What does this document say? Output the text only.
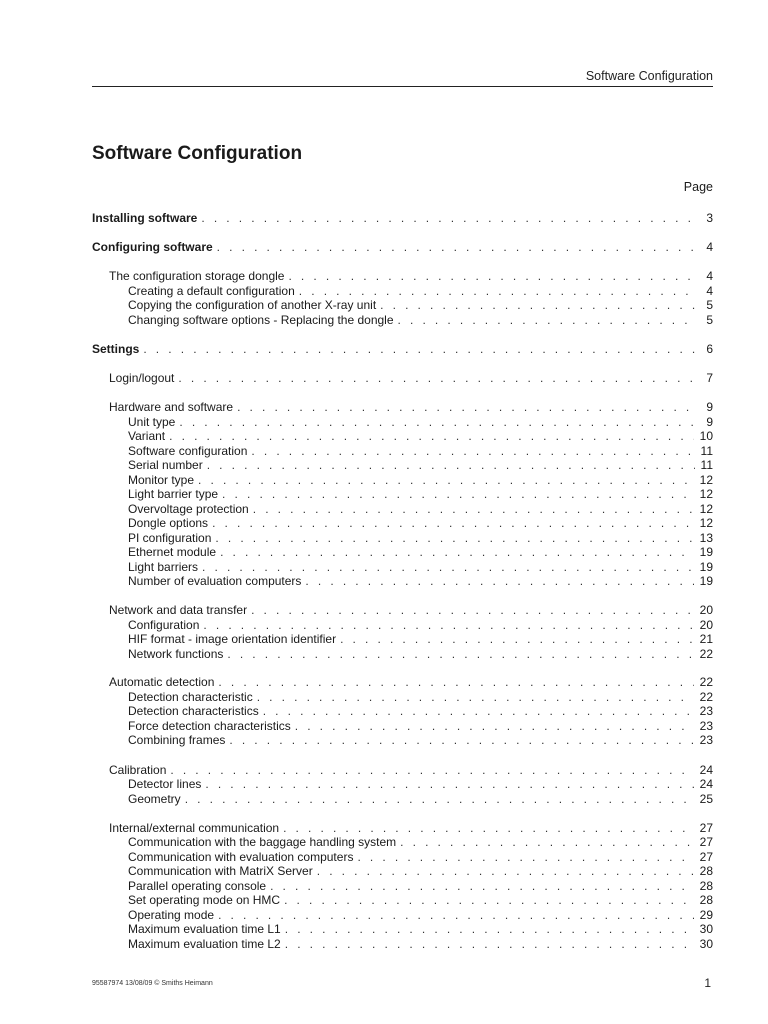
Software Configuration
Software Configuration
Page
Installing software . . .	3
Configuring software . . .	4
The configuration storage dongle . . .	4
Creating a default configuration . . .	4
Copying the configuration of another X-ray unit . . .	5
Changing software options - Replacing the dongle . . .	5
Settings . . .	6
Login/logout . . .	7
Hardware and software . . .	9
Unit type . . .	9
Variant . . .	10
Software configuration . . .	11
Serial number . . .	11
Monitor type . . .	12
Light barrier type . . .	12
Overvoltage protection . . .	12
Dongle options . . .	12
PI configuration . . .	13
Ethernet module . . .	19
Light barriers . . .	19
Number of evaluation computers . . .	19
Network and data transfer . . .	20
Configuration . . .	20
HIF format - image orientation identifier . . .	21
Network functions . . .	22
Automatic detection . . .	22
Detection characteristic . . .	22
Detection characteristics . . .	23
Force detection characteristics . . .	23
Combining frames . . .	23
Calibration . . .	24
Detector lines . . .	24
Geometry . . .	25
Internal/external communication . . .	27
Communication with the baggage handling system . . .	27
Communication with evaluation computers . . .	27
Communication with MatriX Server . . .	28
Parallel operating console . . .	28
Set operating mode on HMC . . .	28
Operating mode . . .	29
Maximum evaluation time L1 . . .	30
Maximum evaluation time L2 . . .	30
95587974 13/08/09 © Smiths Heimann	1
